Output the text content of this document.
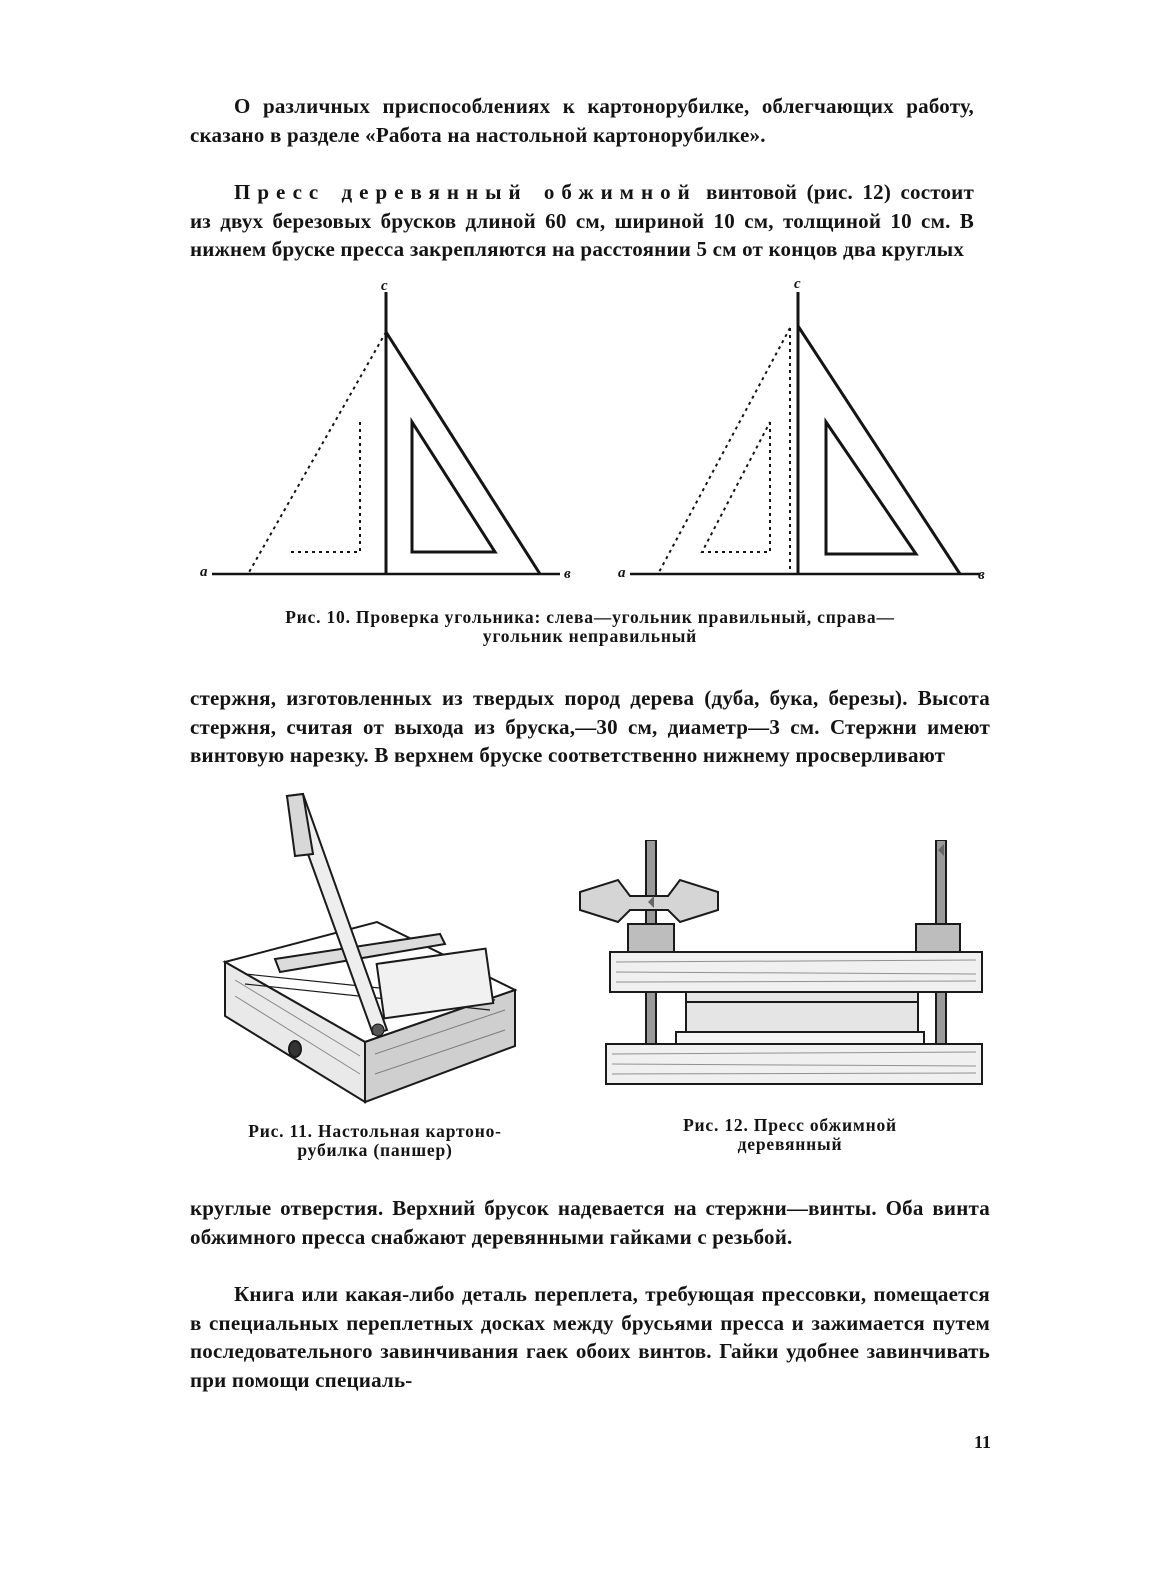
О различных приспособлениях к картонорубилке, облегчающих работу, сказано в разделе «Работа на настольной картонорубилке».

Пресс деревянный обжимной винтовой (рис. 12) состоит из двух березовых брусков длиной 60 см, шириной 10 см, толщиной 10 см. В нижнем бруске пресса закрепляются на расстоянии 5 см от концов два круглых

c
a	в
c
a	в

Рис. 10. Проверка угольника: слева—угольник правильный, справа—
угольник неправильный

стержня, изготовленных из твердых пород дерева (дуба, бука, березы). Высота стержня, считая от выхода из бруска,—30 см, диаметр—3 см. Стержни имеют винтовую нарезку. В верхнем бруске соответственно нижнему просверливают

Рис. 11. Настольная картоно-
рубилка (паншер)

Рис. 12. Пресс обжимной
деревянный

круглые отверстия. Верхний брусок надевается на стержни—винты. Оба винта обжимного пресса снабжают деревянными гайками с резьбой.

Книга или какая-либо деталь переплета, требующая прессовки, помещается в специальных переплетных досках между брусьями пресса и зажимается путем последовательного завинчивания гаек обоих винтов. Гайки удобнее завинчивать при помощи специаль-

11
